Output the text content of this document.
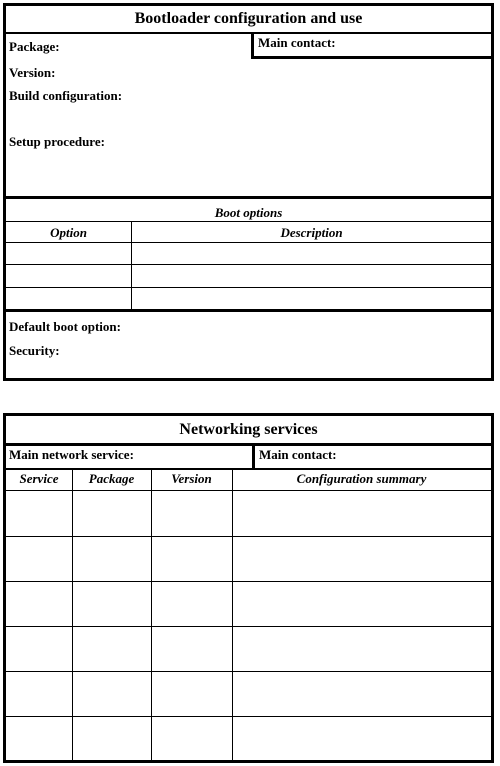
Bootloader configuration and use
Package:	Main contact:
Version:
Build configuration:
Setup procedure:
Boot options
Option	Description
Default boot option:
Security:
Networking services
Main network service:	Main contact:
Service	Package	Version	Configuration summary
